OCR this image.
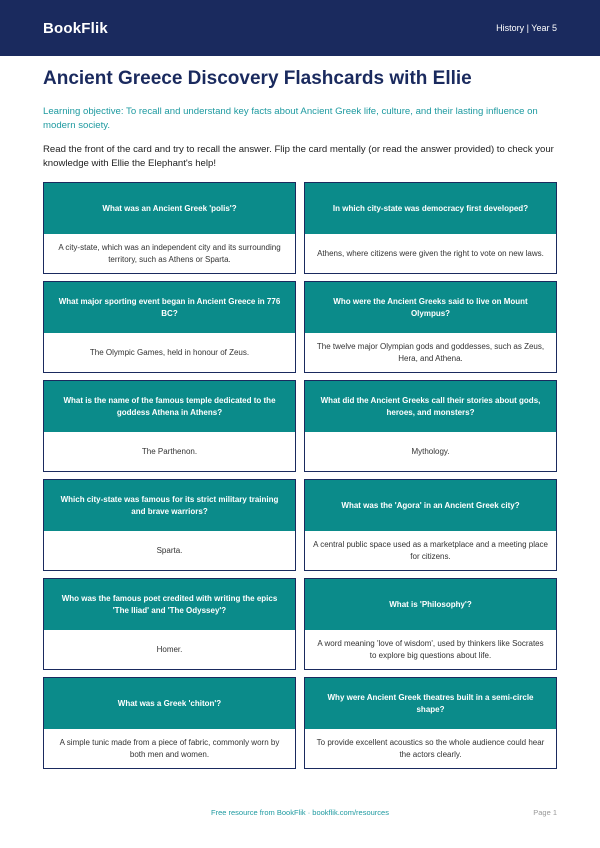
BookFlik	History | Year 5
Ancient Greece Discovery Flashcards with Ellie

Learning objective: To recall and understand key facts about Ancient Greek life, culture, and their lasting influence on modern society.

Read the front of the card and try to recall the answer. Flip the card mentally (or read the answer provided) to check your knowledge with Ellie the Elephant's help!

What was an Ancient Greek 'polis'?
A city-state, which was an independent city and its surrounding territory, such as Athens or Sparta.
In which city-state was democracy first developed?
Athens, where citizens were given the right to vote on new laws.
What major sporting event began in Ancient Greece in 776 BC?
The Olympic Games, held in honour of Zeus.
Who were the Ancient Greeks said to live on Mount Olympus?
The twelve major Olympian gods and goddesses, such as Zeus, Hera, and Athena.
What is the name of the famous temple dedicated to the goddess Athena in Athens?
The Parthenon.
What did the Ancient Greeks call their stories about gods, heroes, and monsters?
Mythology.
Which city-state was famous for its strict military training and brave warriors?
Sparta.
What was the 'Agora' in an Ancient Greek city?
A central public space used as a marketplace and a meeting place for citizens.
Who was the famous poet credited with writing the epics 'The Iliad' and 'The Odyssey'?
Homer.
What is 'Philosophy'?
A word meaning 'love of wisdom', used by thinkers like Socrates to explore big questions about life.
What was a Greek 'chiton'?
A simple tunic made from a piece of fabric, commonly worn by both men and women.
Why were Ancient Greek theatres built in a semi-circle shape?
To provide excellent acoustics so the whole audience could hear the actors clearly.
Free resource from BookFlik · bookflik.com/resources	Page 1
